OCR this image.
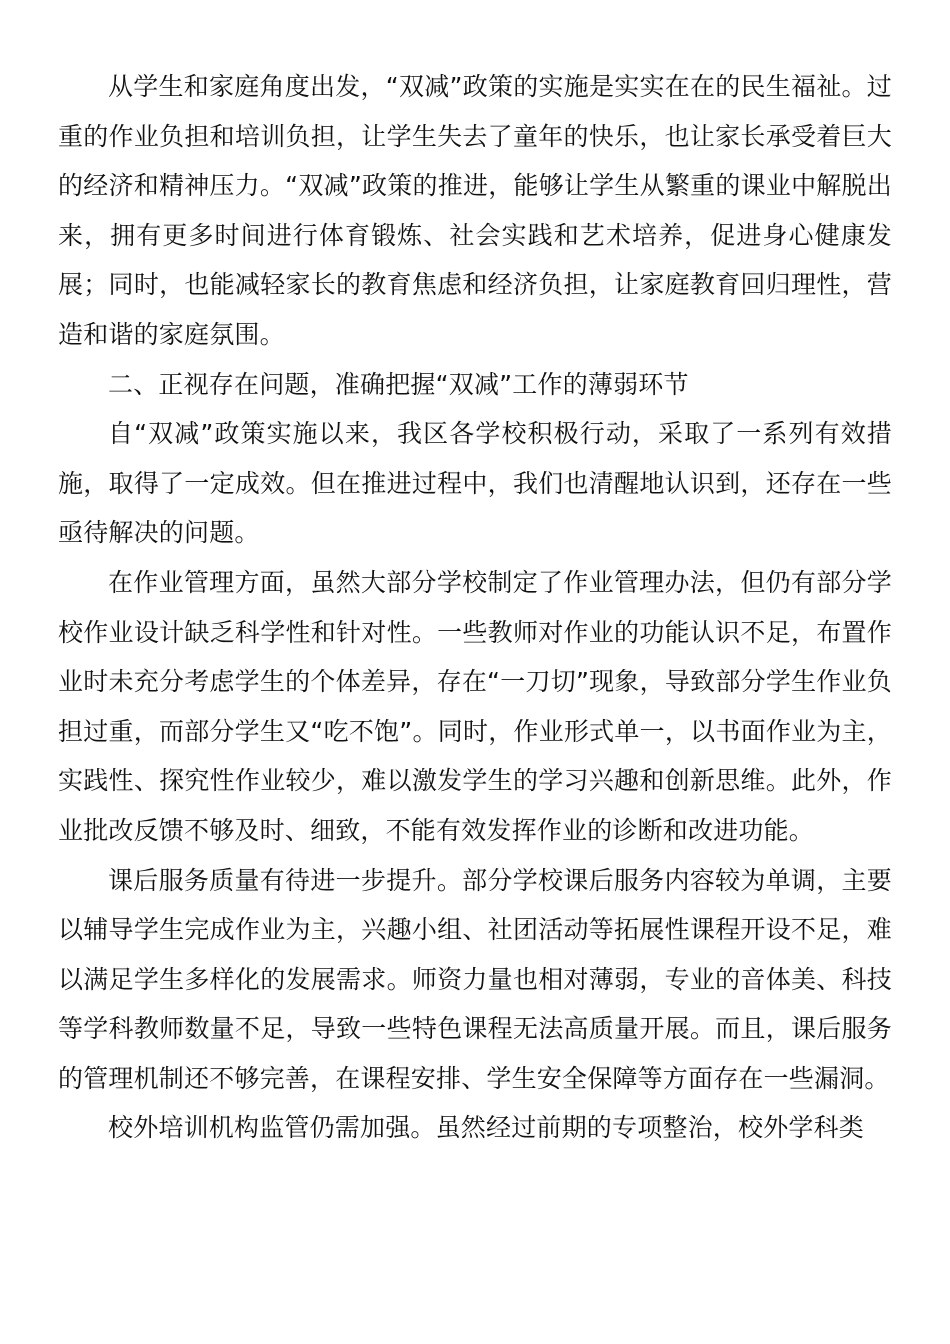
从学生和家庭角度出发，“双减”政策的实施是实实在在的民生福祉。过重的作业负担和培训负担，让学生失去了童年的快乐，也让家长承受着巨大的经济和精神压力。“双减”政策的推进，能够让学生从繁重的课业中解脱出来，拥有更多时间进行体育锻炼、社会实践和艺术培养，促进身心健康发展；同时，也能减轻家长的教育焦虑和经济负担，让家庭教育回归理性，营造和谐的家庭氛围。

二、正视存在问题，准确把握“双减”工作的薄弱环节

自“双减”政策实施以来，我区各学校积极行动，采取了一系列有效措施，取得了一定成效。但在推进过程中，我们也清醒地认识到，还存在一些亟待解决的问题。

在作业管理方面，虽然大部分学校制定了作业管理办法，但仍有部分学校作业设计缺乏科学性和针对性。一些教师对作业的功能认识不足，布置作业时未充分考虑学生的个体差异，存在“一刀切”现象，导致部分学生作业负担过重，而部分学生又“吃不饱”。同时，作业形式单一，以书面作业为主，实践性、探究性作业较少，难以激发学生的学习兴趣和创新思维。此外，作业批改反馈不够及时、细致，不能有效发挥作业的诊断和改进功能。

课后服务质量有待进一步提升。部分学校课后服务内容较为单调，主要以辅导学生完成作业为主，兴趣小组、社团活动等拓展性课程开设不足，难以满足学生多样化的发展需求。师资力量也相对薄弱，专业的音体美、科技等学科教师数量不足，导致一些特色课程无法高质量开展。而且，课后服务的管理机制还不够完善，在课程安排、学生安全保障等方面存在一些漏洞。

校外培训机构监管仍需加强。虽然经过前期的专项整治，校外学科类
